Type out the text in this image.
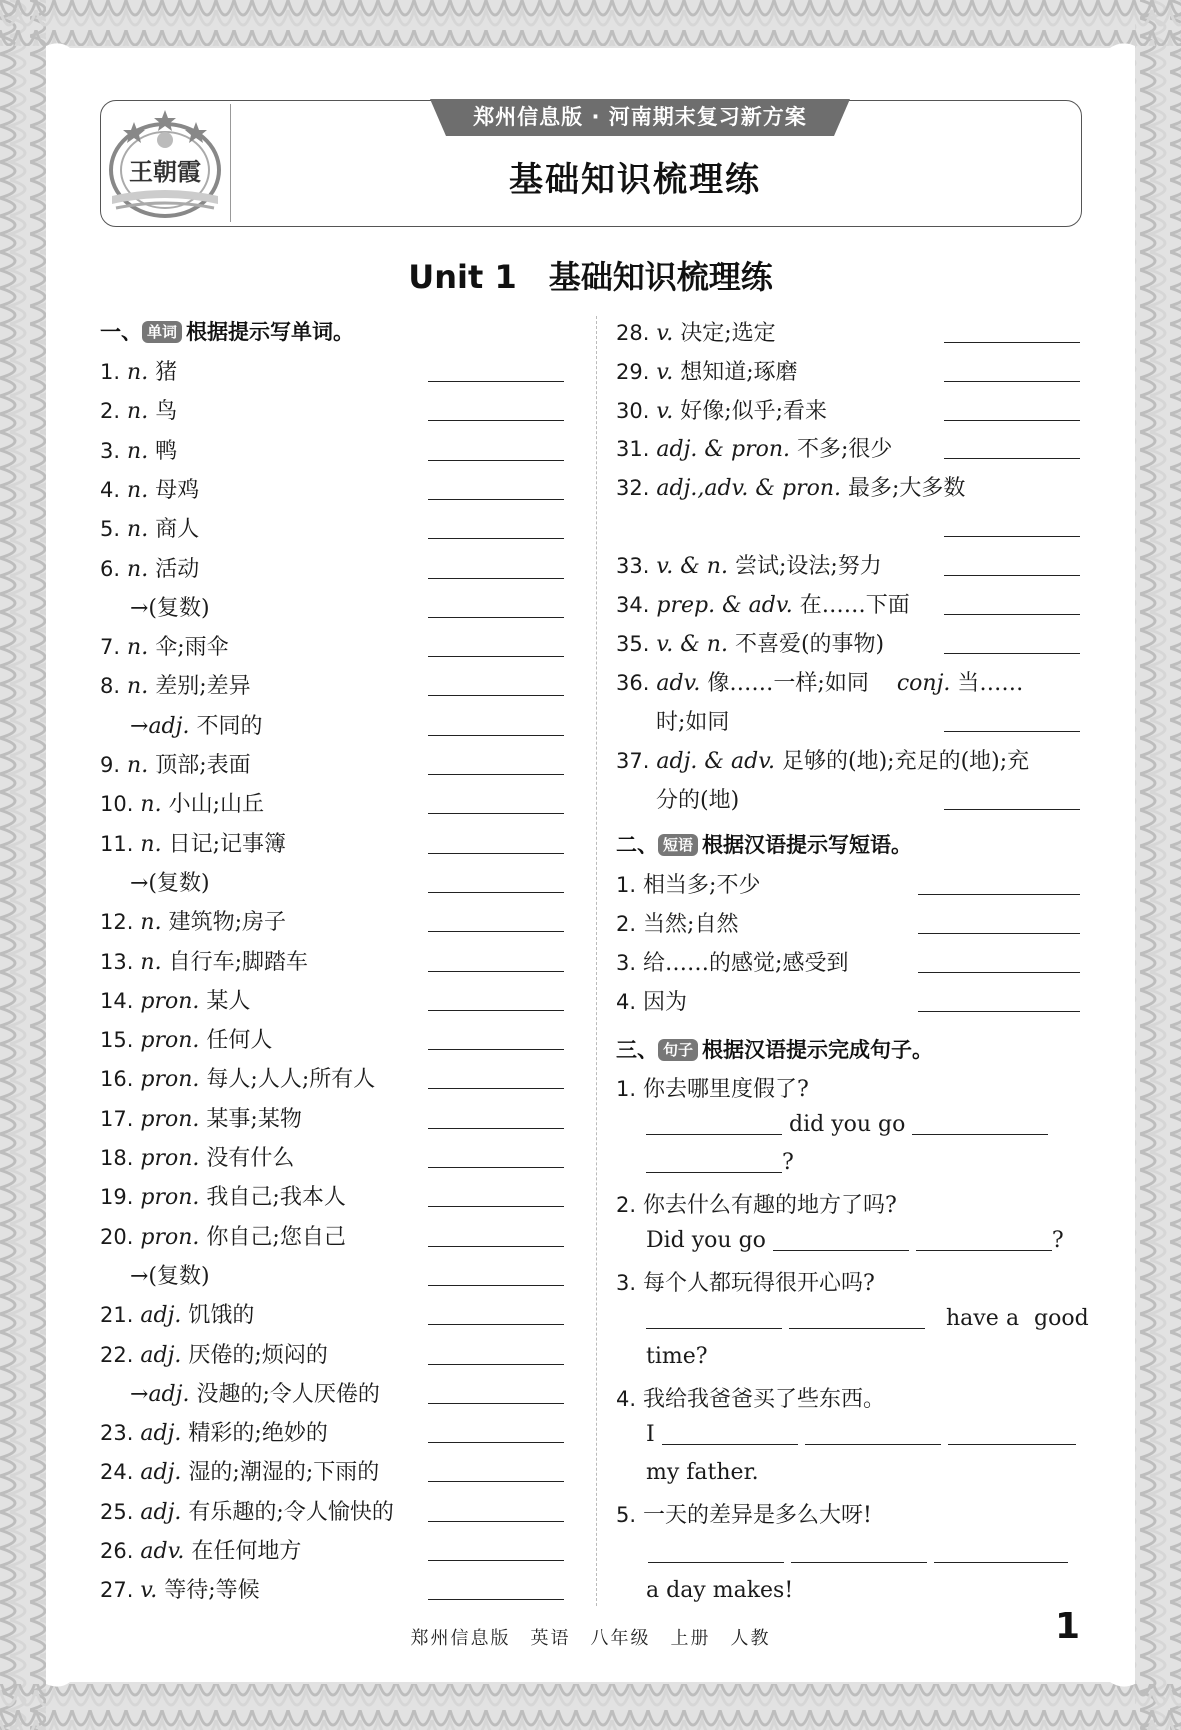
王朝霞
郑州信息版 · 河南期末复习新方案
基础知识梳理练
Unit 1 基础知识梳理练
一、 单词 根据提示写单词。
1. n. 猪
2. n. 鸟
3. n. 鸭
4. n. 母鸡
5. n. 商人
6. n. 活动
→(复数)
7. n. 伞;雨伞
8. n. 差别;差异
→adj. 不同的
9. n. 顶部;表面
10. n. 小山;山丘
11. n. 日记;记事簿
→(复数)
12. n. 建筑物;房子
13. n. 自行车;脚踏车
14. pron. 某人
15. pron. 任何人
16. pron. 每人;人人;所有人
17. pron. 某事;某物
18. pron. 没有什么
19. pron. 我自己;我本人
20. pron. 你自己;您自己
→(复数)
21. adj. 饥饿的
22. adj. 厌倦的;烦闷的
→adj. 没趣的;令人厌倦的
23. adj. 精彩的;绝妙的
24. adj. 湿的;潮湿的;下雨的
25. adj. 有乐趣的;令人愉快的
26. adv. 在任何地方
27. v. 等待;等候
28. v. 决定;选定
29. v. 想知道;琢磨
30. v. 好像;似乎;看来
31. adj. & pron. 不多;很少
32. adj.,adv. & pron. 最多;大多数
33. v. & n. 尝试;设法;努力
34. prep. & adv. 在……下面
35. v. & n. 不喜爱(的事物)
36. adv. 像……一样;如同 conj. 当……
时;如同
37. adj. & adv. 足够的(地);充足的(地);充
分的(地)
二、 短语 根据汉语提示写短语。
1. 相当多;不少
2. 当然;自然
3. 给……的感觉;感受到
4. 因为
三、 句子 根据汉语提示完成句子。
1. 你去哪里度假了?
did you go
?
2. 你去什么有趣的地方了吗?
Did you go	?
3. 每个人都玩得很开心吗?

have a good
time?
4. 我给我爸爸买了些东西。
I
my father.
5. 一天的差异是多么大呀!

a day makes!
郑州信息版　英语　八年级　上册　人教	1
